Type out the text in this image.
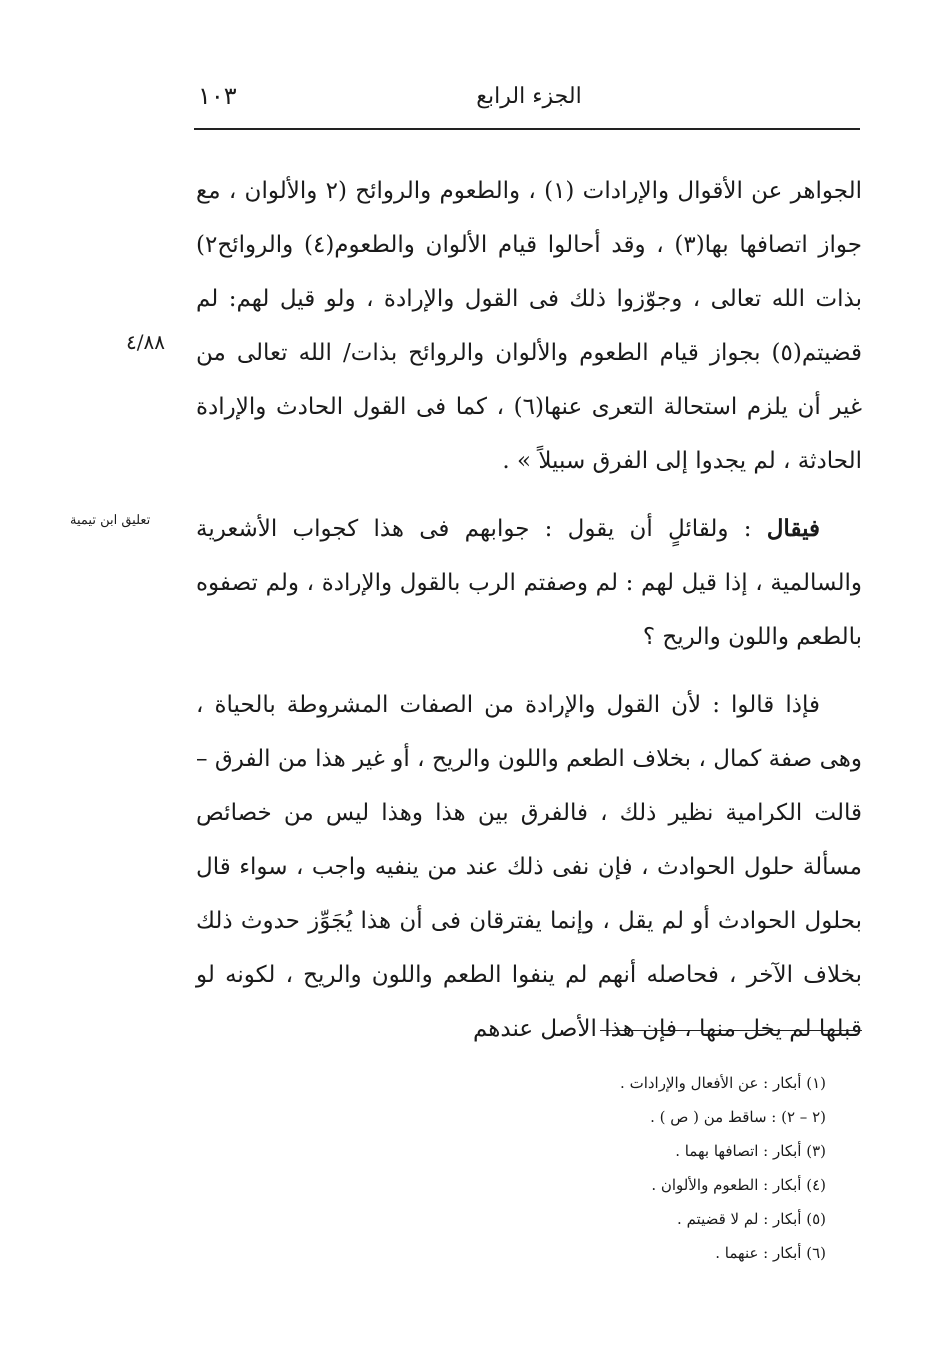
الجزء الرابع
١٠٣
٤/٨٨
تعليق ابن تيمية

الجواهر عن الأقوال والإرادات (١) ، والطعوم والروائح (٢ والألوان ، مع جواز اتصافها بها(٣) ، وقد أحالوا قيام الألوان والطعوم(٤) والروائح٢) بذات الله تعالى ، وجوّزوا ذلك فى القول والإرادة ، ولو قيل لهم: لم قضيتم(٥) بجواز قيام الطعوم والألوان والروائح بذات/ الله تعالى من غير أن يلزم استحالة التعرى عنها(٦) ، كما فى القول الحادث والإرادة الحادثة ، لم يجدوا إلى الفرق سبيلاً » .

فيقال : ولقائلٍ أن يقول : جوابهم فى هذا كجواب الأشعرية والسالمية ، إذا قيل لهم : لم وصفتم الرب بالقول والإرادة ، ولم تصفوه بالطعم واللون والريح ؟

فإذا قالوا : لأن القول والإرادة من الصفات المشروطة بالحياة ، وهى صفة كمال ، بخلاف الطعم واللون والريح ، أو غير هذا من الفرق – قالت الكرامية نظير ذلك ، فالفرق بين هذا وهذا ليس من خصائص مسألة حلول الحوادث ، فإن نفى ذلك عند من ينفيه واجب ، سواء قال بحلول الحوادث أو لم يقل ، وإنما يفترقان فى أن هذا يُجَوِّز حدوث ذلك بخلاف الآخر ، فحاصله أنهم لم ينفوا الطعم واللون والريح ، لكونه لو قبلها لم يخل منها ، فإن هذا الأصل عندهم

(١) أبكار : عن الأفعال والإرادات .
(٢ – ٢) : ساقط من ( ص ) .
(٣) أبكار : اتصافها بهما .
(٤) أبكار : الطعوم والألوان .
(٥) أبكار : لم لا قضيتم .
(٦) أبكار : عنهما .
